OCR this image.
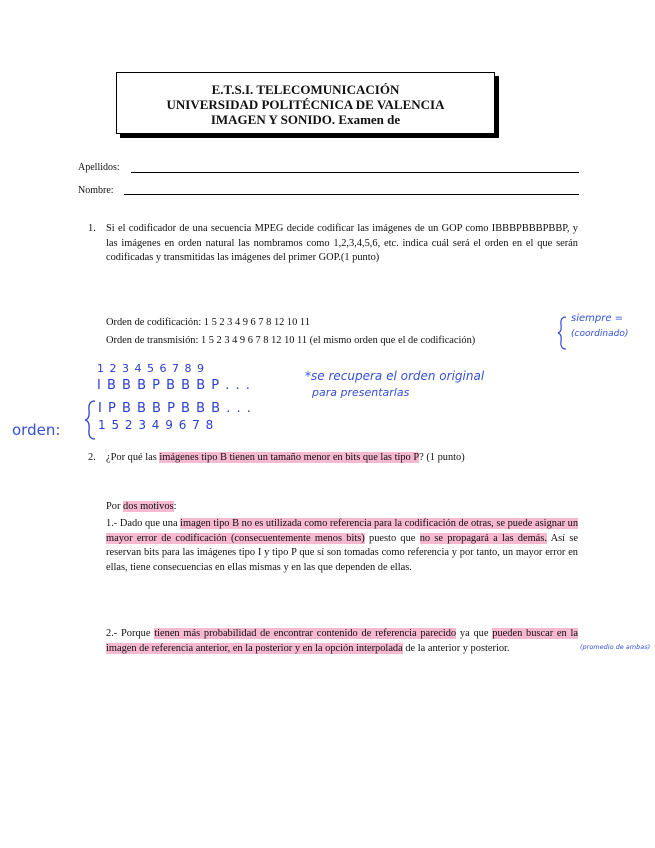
E.T.S.I. TELECOMUNICACIÓN
UNIVERSIDAD POLITÉCNICA DE VALENCIA
IMAGEN Y SONIDO. Examen de
Apellidos:
Nombre:
1. Si el codificador de una secuencia MPEG decide codificar las imágenes de un GOP como IBBBPBBBPBBP, y las imágenes en orden natural las nombramos como 1,2,3,4,5,6, etc. indica cuál será el orden en el que serán codificadas y transmitidas las imágenes del primer GOP.(1 punto)
Orden de codificación: 1 5 2 3 4 9 6 7 8 12 10 11
Orden de transmisión: 1 5 2 3 4 9 6 7 8 12 10 11 (el mismo orden que el de codificación)
siempre =
(coordinado)
1 2 3 4 5 6 7 8 9
I B B B P B B B P . . .
*se recupera el orden original
para presentarlas
orden:
I P B B B P B B B . . .
1 5 2 3 4 9 6 7 8
2. ¿Por qué las imágenes tipo B tienen un tamaño menor en bits que las tipo P? (1 punto)
Por dos motivos:
1.- Dado que una imagen tipo B no es utilizada como referencia para la codificación de otras, se puede asignar un mayor error de codificación (consecuentemente menos bits) puesto que no se propagará a las demás. Así se reservan bits para las imágenes tipo I y tipo P que sí son tomadas como referencia y por tanto, un mayor error en ellas, tiene consecuencias en ellas mismas y en las que dependen de ellas.
2.- Porque tienen más probabilidad de encontrar contenido de referencia parecido ya que pueden buscar en la imagen de referencia anterior, en la posterior y en la opción interpolada de la anterior y posterior.	(promedio de ambas)
